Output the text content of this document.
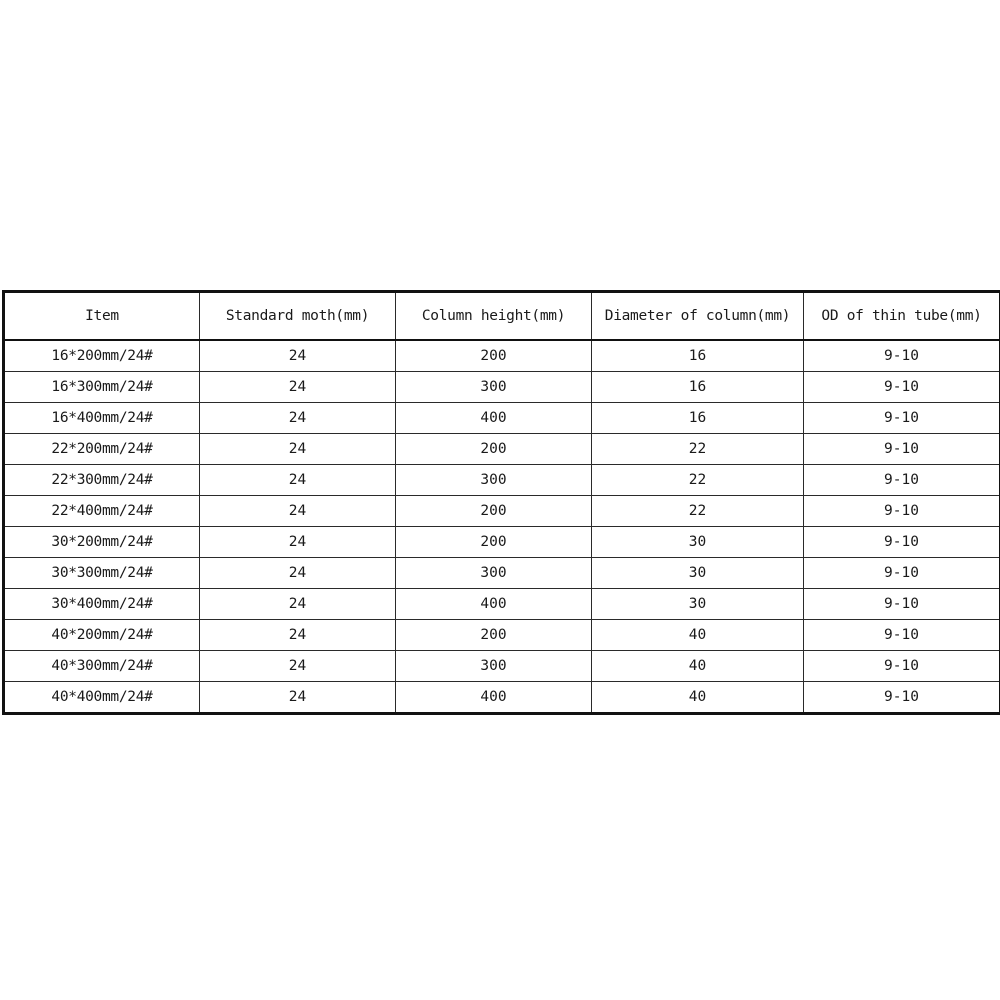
Item	Standard moth(mm)	Column height(mm)	Diameter of column(mm)	OD of thin tube(mm)
16*200mm/24#	24	200	16	9-10
16*300mm/24#	24	300	16	9-10
16*400mm/24#	24	400	16	9-10
22*200mm/24#	24	200	22	9-10
22*300mm/24#	24	300	22	9-10
22*400mm/24#	24	200	22	9-10
30*200mm/24#	24	200	30	9-10
30*300mm/24#	24	300	30	9-10
30*400mm/24#	24	400	30	9-10
40*200mm/24#	24	200	40	9-10
40*300mm/24#	24	300	40	9-10
40*400mm/24#	24	400	40	9-10
